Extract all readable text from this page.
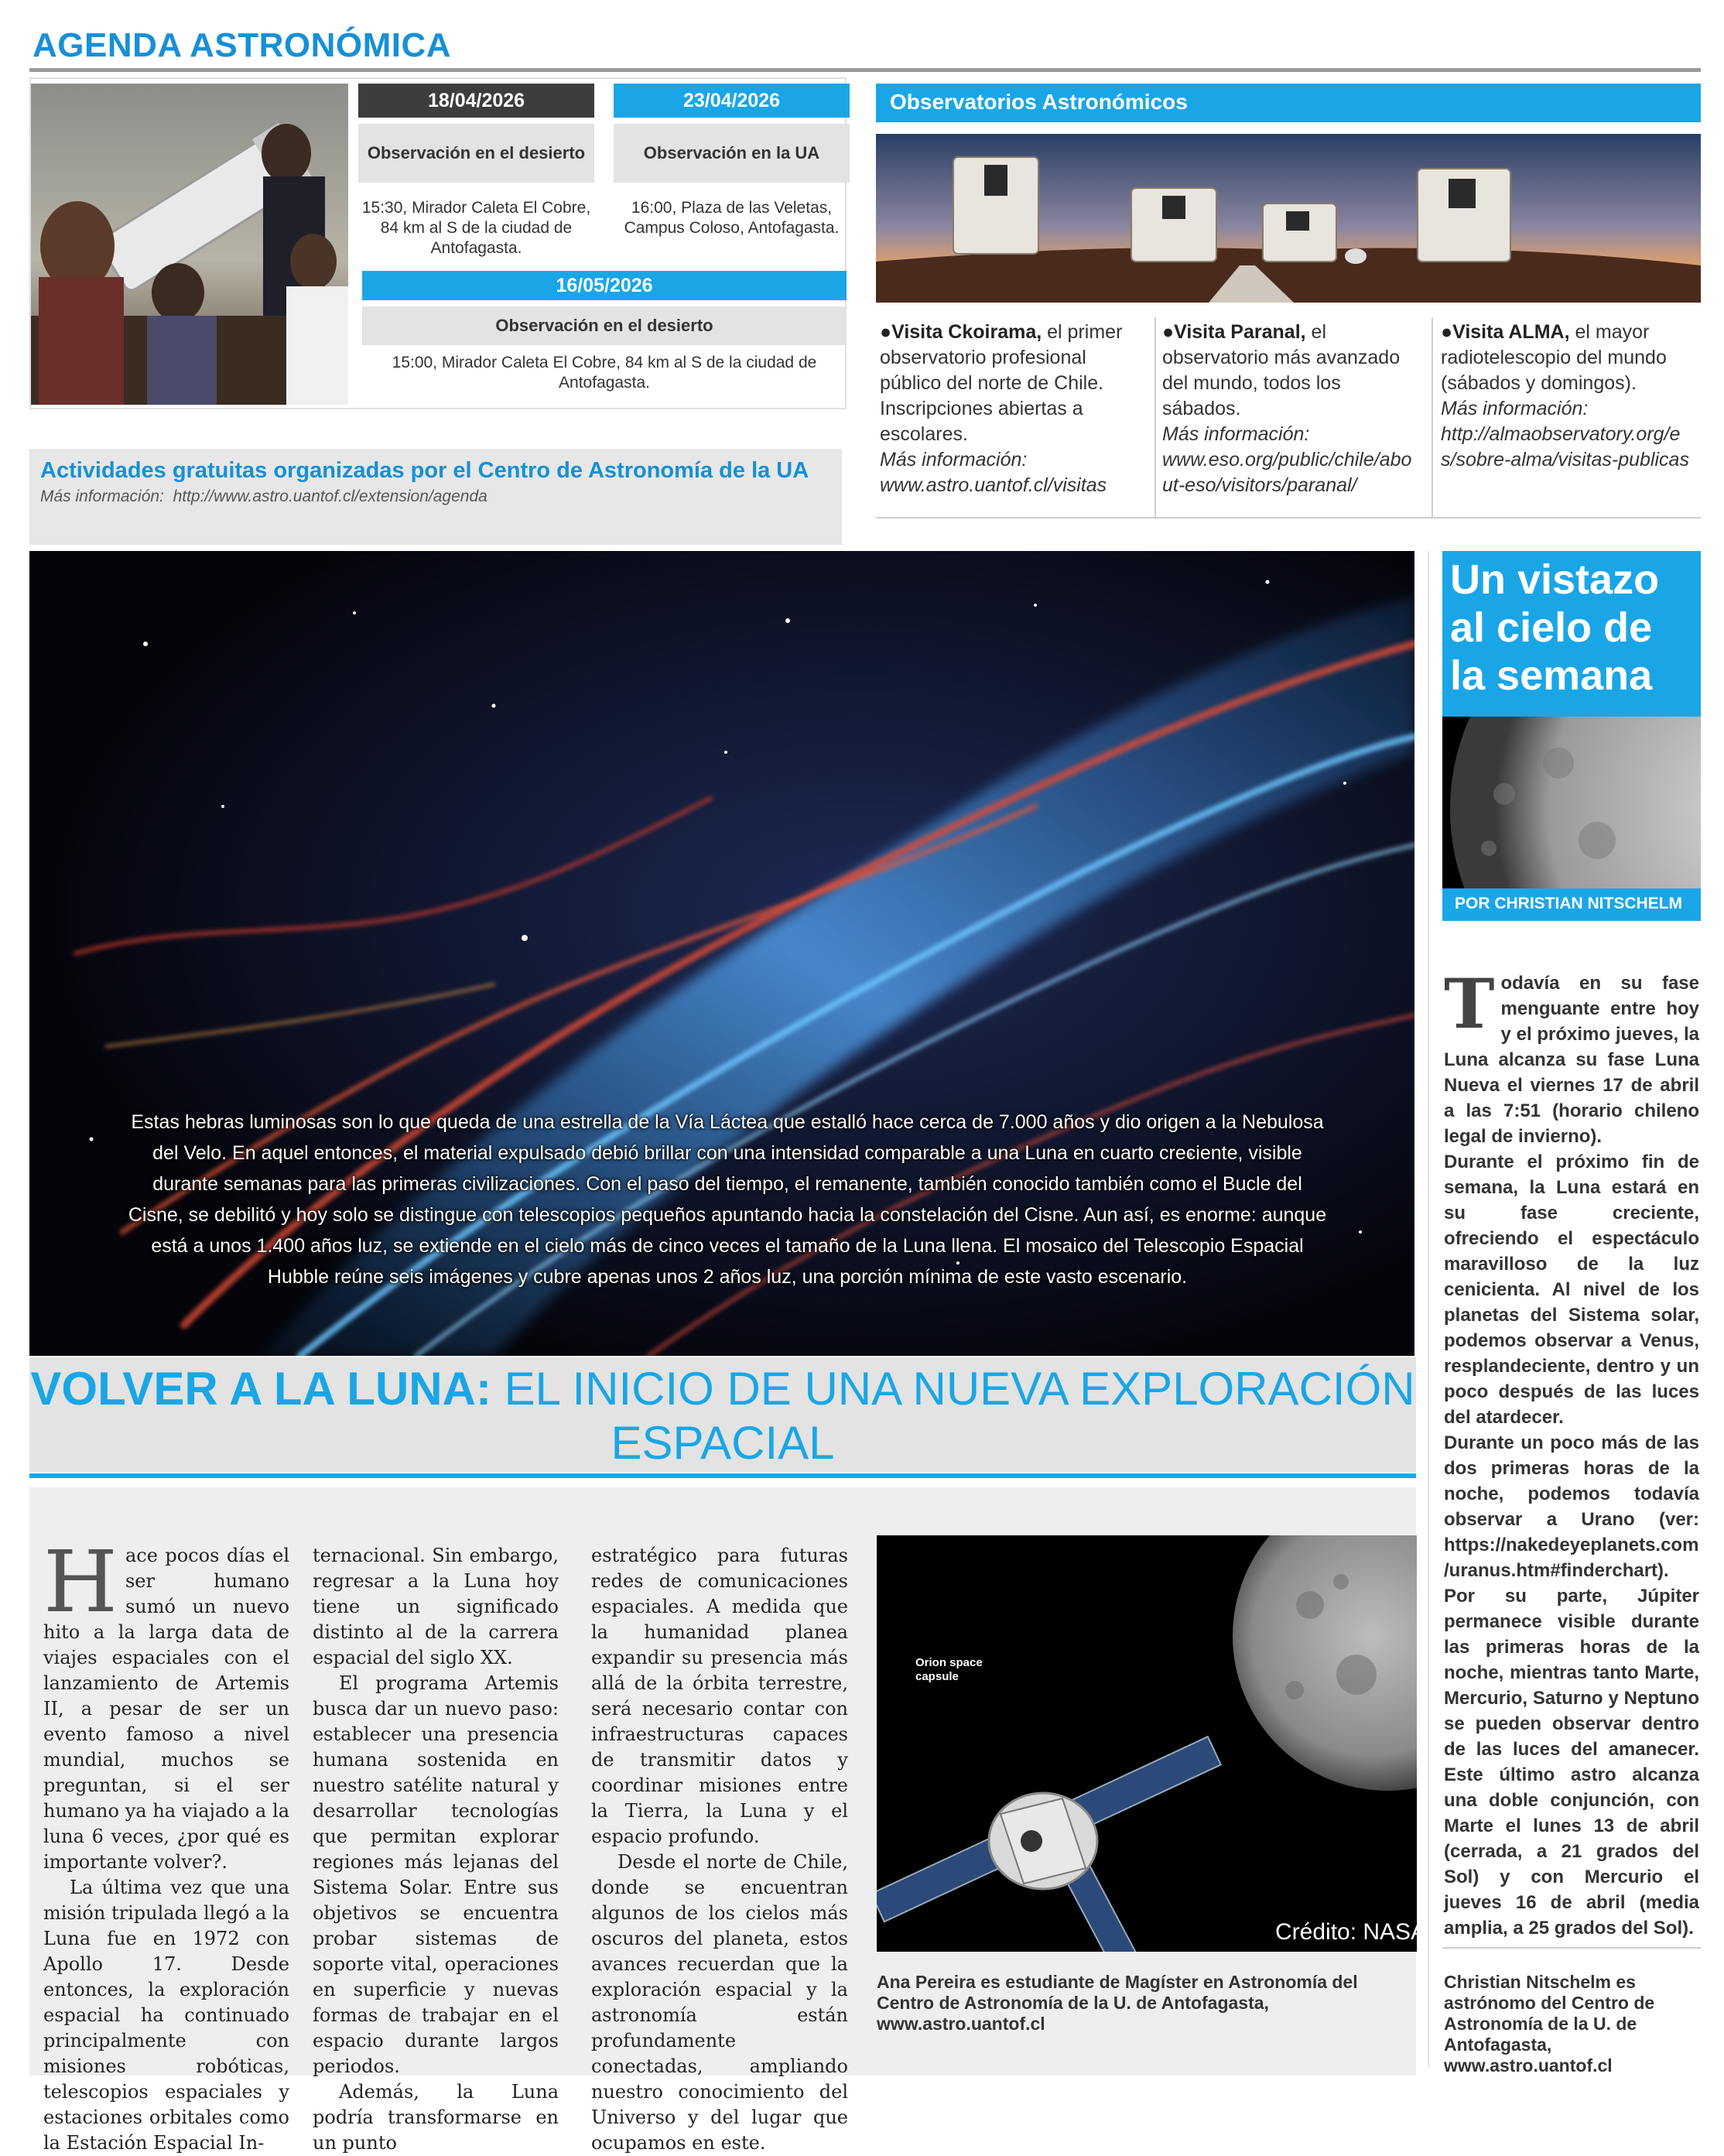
AGENDA ASTRONÓMICA
18/04/2026
Observación en el desierto
15:30, Mirador Caleta El Cobre, 84 km al S de la ciudad de Antofagasta.
23/04/2026
Observación en la UA
16:00, Plaza de las Veletas, Campus Coloso, Antofagasta.
16/05/2026
Observación en el desierto
15:00, Mirador Caleta El Cobre, 84 km al S de la ciudad de Antofagasta.
Actividades gratuitas organizadas por el Centro de Astronomía de la UA
Más información: http://www.astro.uantof.cl/extension/agenda
Observatorios Astronómicos
●Visita Ckoirama, el primer observatorio profesional público del norte de Chile. Inscripciones abiertas a escolares.
Más información:
www.astro.uantof.cl/visitas
●Visita Paranal, el observatorio más avanzado del mundo, todos los sábados.
Más información:
www.eso.org/public/chile/about-eso/visitors/paranal/
●Visita ALMA, el mayor radiotelescopio del mundo (sábados y domingos).
Más información:
http://almaobservatory.org/es/sobre-alma/visitas-publicas
Estas hebras luminosas son lo que queda de una estrella de la Vía Láctea que estalló hace cerca de 7.000 años y dio origen a la Nebulosa del Velo. En aquel entonces, el material expulsado debió brillar con una intensidad comparable a una Luna en cuarto creciente, visible durante semanas para las primeras civilizaciones. Con el paso del tiempo, el remanente, también conocido también como el Bucle del Cisne, se debilitó y hoy solo se distingue con telescopios pequeños apuntando hacia la constelación del Cisne. Aun así, es enorme: aunque está a unos 1.400 años luz, se extiende en el cielo más de cinco veces el tamaño de la Luna llena. El mosaico del Telescopio Espacial Hubble reúne seis imágenes y cubre apenas unos 2 años luz, una porción mínima de este vasto escenario.
VOLVER A LA LUNA: EL INICIO DE UNA NUEVA EXPLORACIÓN ESPACIAL

Hace pocos días el ser humano sumó un nuevo hito a la larga data de viajes espaciales con el lanzamiento de Artemis II, a pesar de ser un evento famoso a nivel mundial, muchos se preguntan, si el ser humano ya ha viajado a la luna 6 veces, ¿por qué es importante volver?.

La última vez que una misión tripulada llegó a la Luna fue en 1972 con Apollo 17. Desde entonces, la exploración espacial ha continuado principalmente con misiones robóticas, telescopios espaciales y estaciones orbitales como la Estación Espacial In-

ternacional. Sin embargo, regresar a la Luna hoy tiene un significado distinto al de la carrera espacial del siglo XX.

El programa Artemis busca dar un nuevo paso: establecer una presencia humana sostenida en nuestro satélite natural y desarrollar tecnologías que permitan explorar regiones más lejanas del Sistema Solar. Entre sus objetivos se encuentra probar sistemas de soporte vital, operaciones en superficie y nuevas formas de trabajar en el espacio durante largos periodos.

Además, la Luna podría transformarse en un punto

estratégico para futuras redes de comunicaciones espaciales. A medida que la humanidad planea expandir su presencia más allá de la órbita terrestre, será necesario contar con infraestructuras capaces de transmitir datos y coordinar misiones entre la Tierra, la Luna y el espacio profundo.

Desde el norte de Chile, donde se encuentran algunos de los cielos más oscuros del planeta, estos avances recuerdan que la exploración espacial y la astronomía están profundamente conectadas, ampliando nuestro conocimiento del Universo y del lugar que ocupamos en este.

Orion space capsule
Crédito: NASA
Ana Pereira es estudiante de Magíster en Astronomía del Centro de Astronomía de la U. de Antofagasta,
www.astro.uantof.cl
Un vistazo al cielo de la semana
POR CHRISTIAN NITSCHELM

Todavía en su fase menguante entre hoy y el próximo jueves, la Luna alcanza su fase Luna Nueva el viernes 17 de abril a las 7:51 (horario chileno legal de invierno).

Durante el próximo fin de semana, la Luna estará en su fase creciente, ofreciendo el espectáculo maravilloso de la luz cenicienta. Al nivel de los planetas del Sistema solar, podemos observar a Venus, resplandeciente, dentro y un poco después de las luces del atardecer.

Durante un poco más de las dos primeras horas de la noche, podemos todavía observar a Urano (ver: https://nakedeyeplanets.com/uranus.htm#finderchart). Por su parte, Júpiter permanece visible durante las primeras horas de la noche, mientras tanto Marte, Mercurio, Saturno y Neptuno se pueden observar dentro de las luces del amanecer. Este último astro alcanza una doble conjunción, con Marte el lunes 13 de abril (cerrada, a 21 grados del Sol) y con Mercurio el jueves 16 de abril (media amplia, a 25 grados del Sol).

Christian Nitschelm es astrónomo del Centro de Astronomía de la U. de Antofagasta,
www.astro.uantof.cl
